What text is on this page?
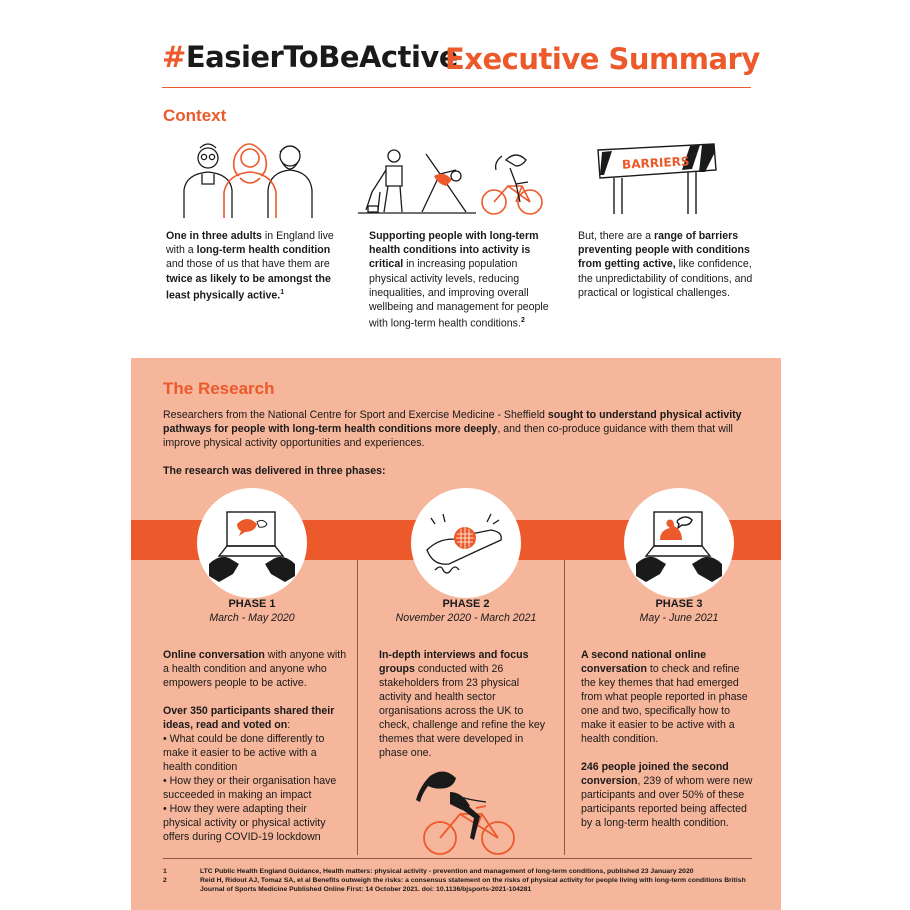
#EasierToBeActive
Executive Summary
Context
BARRIERS
One in three adults in England live with a long-term health condition and those of us that have them are twice as likely to be amongst the least physically active.$^1$
Supporting people with long-term health conditions into activity is critical in increasing population physical activity levels, reducing inequalities, and improving overall wellbeing and management for people with long-term health conditions.$^2$
But, there are a range of barriers preventing people with conditions from getting active, like confidence, the unpredictability of conditions, and practical or logistical challenges.
The Research
Researchers from the National Centre for Sport and Exercise Medicine - Sheffield sought to understand physical activity pathways for people with long-term health conditions more deeply, and then co-produce guidance with them that will improve physical activity opportunities and experiences.
The research was delivered in three phases:
PHASE 1
March - May 2020
PHASE 2
November 2020 - March 2021
PHASE 3
May - June 2021
Online conversation with anyone with a health condition and anyone who empowers people to be active.
Over 350 participants shared their ideas, read and voted on:
• What could be done differently to make it easier to be active with a health condition
• How they or their organisation have succeeded in making an impact
• How they were adapting their physical activity or physical activity offers during COVID-19 lockdown
In-depth interviews and focus groups conducted with 26 stakeholders from 23 physical activity and health sector organisations across the UK to check, challenge and refine the key themes that were developed in phase one.
A second national online conversation to check and refine the key themes that had emerged from what people reported in phase one and two, specifically how to make it easier to be active with a health condition.
246 people joined the second conversion, 239 of whom were new participants and over 50% of these participants reported being affected by a long-term health condition.
1	LTC Public Health England Guidance, Health matters: physical activity - prevention and management of long-term conditions, published 23 January 2020
2	Reid H, Ridout AJ, Tomaz SA, et al Benefits outweigh the risks: a consensus statement on the risks of physical activity for people living with long-term conditions British Journal of Sports Medicine Published Online First: 14 October 2021. doi: 10.1136/bjsports-2021-104281
